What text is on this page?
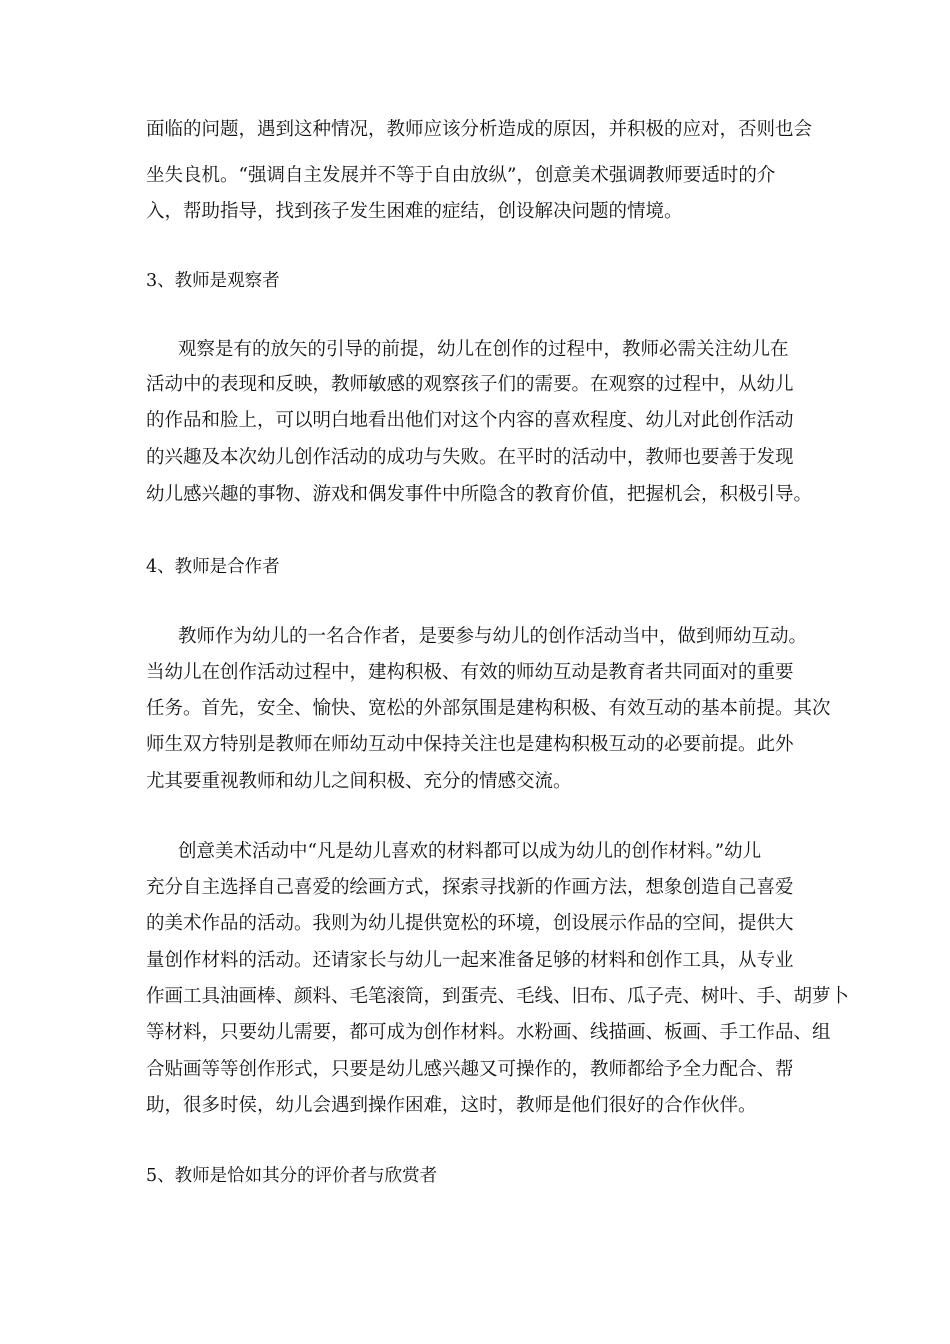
面临的问题，遇到这种情况，教师应该分析造成的原因，并积极的应对，否则也会
坐失良机。“强调自主发展并不等于自由放纵”，创意美术强调教师要适时的介
入，帮助指导，找到孩子发生困难的症结，创设解决问题的情境。
3、教师是观察者
观察是有的放矢的引导的前提，幼儿在创作的过程中，教师必需关注幼儿在
活动中的表现和反映，教师敏感的观察孩子们的需要。在观察的过程中，从幼儿
的作品和脸上，可以明白地看出他们对这个内容的喜欢程度、幼儿对此创作活动
的兴趣及本次幼儿创作活动的成功与失败。在平时的活动中，教师也要善于发现
幼儿感兴趣的事物、游戏和偶发事件中所隐含的教育价值，把握机会，积极引导。
4、教师是合作者
教师作为幼儿的一名合作者，是要参与幼儿的创作活动当中，做到师幼互动。
当幼儿在创作活动过程中，建构积极、有效的师幼互动是教育者共同面对的重要
任务。首先，安全、愉快、宽松的外部氛围是建构积极、有效互动的基本前提。其次
师生双方特别是教师在师幼互动中保持关注也是建构积极互动的必要前提。此外
尤其要重视教师和幼儿之间积极、充分的情感交流。
创意美术活动中“凡是幼儿喜欢的材料都可以成为幼儿的创作材料。”幼儿
充分自主选择自己喜爱的绘画方式，探索寻找新的作画方法，想象创造自己喜爱
的美术作品的活动。我则为幼儿提供宽松的环境，创设展示作品的空间，提供大
量创作材料的活动。还请家长与幼儿一起来准备足够的材料和创作工具，从专业
作画工具油画棒、颜料、毛笔滚筒，到蛋壳、毛线、旧布、瓜子壳、树叶、手、胡萝卜
等材料，只要幼儿需要，都可成为创作材料。水粉画、线描画、板画、手工作品、组
合贴画等等创作形式，只要是幼儿感兴趣又可操作的，教师都给予全力配合、帮
助，很多时侯，幼儿会遇到操作困难，这时，教师是他们很好的合作伙伴。
5、教师是恰如其分的评价者与欣赏者
